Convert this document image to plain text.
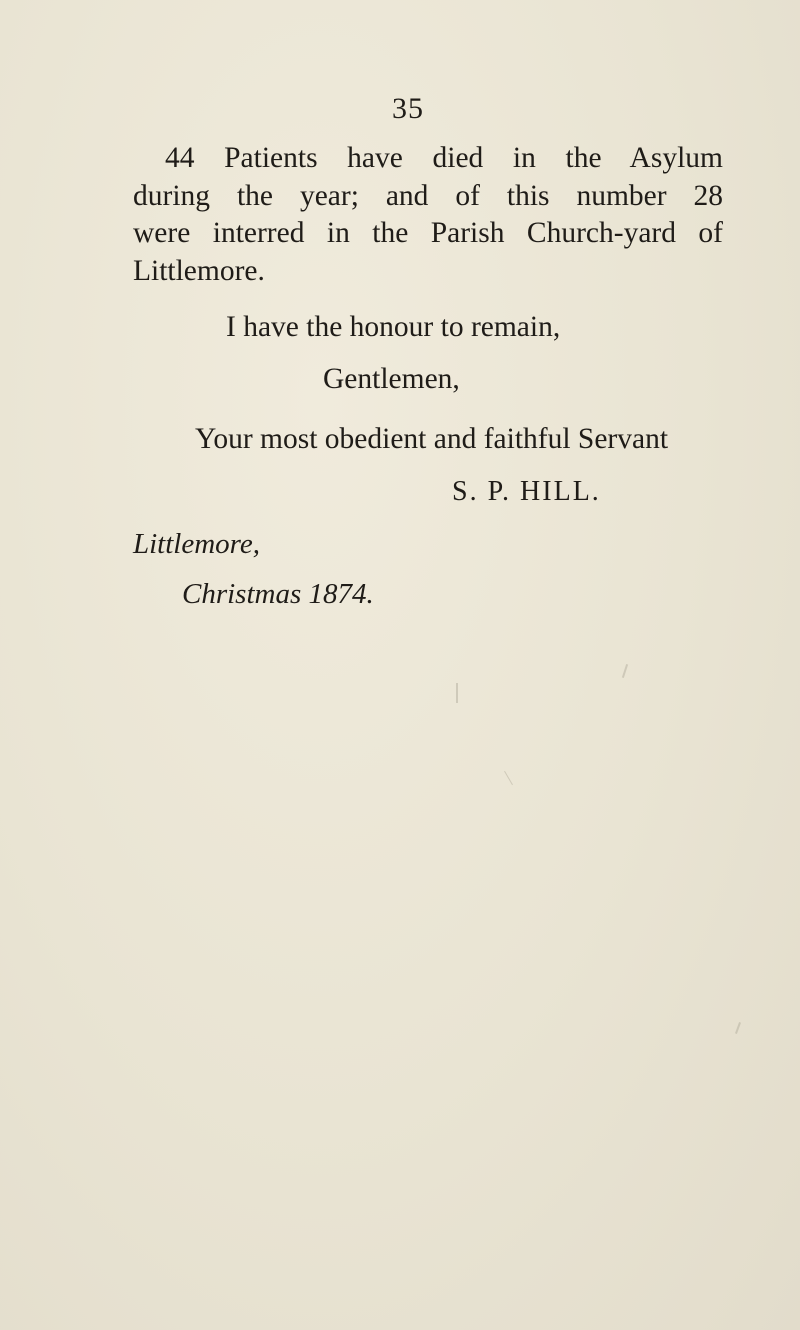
35

44 Patients have died in the Asylum
during the year; and of this number 28
were interred in the Parish Church-yard of
Littlemore.

I have the honour to remain,
Gentlemen,
Your most obedient and faithful Servant
S. P. HILL.
Littlemore,
Christmas 1874.
